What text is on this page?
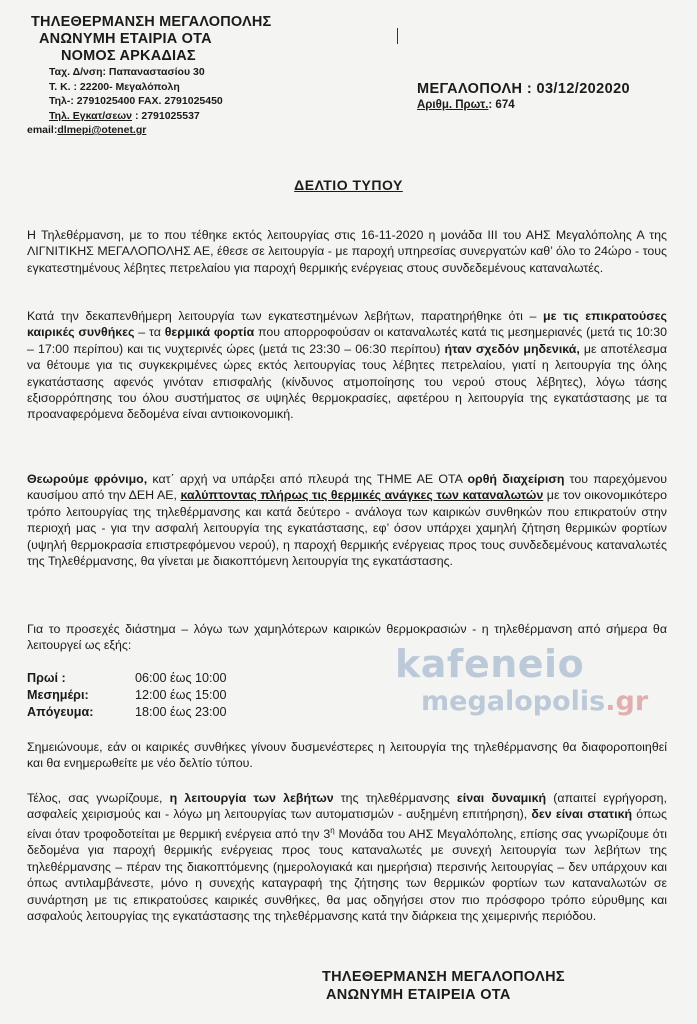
ΤΗΛΕΘΕΡΜΑΝΣΗ ΜΕΓΑΛΟΠΟΛΗΣ

ΑΝΩΝΥΜΗ ΕΤΑΙΡΙΑ ΟΤΑ

ΝΟΜΟΣ ΑΡΚΑΔΙΑΣ

Ταχ. Δ/νση: Παπαναστασίου 30
Τ. Κ. : 22200- Μεγαλόπολη
Τηλ-: 2791025400 FAX. 2791025450
Τηλ. Εγκατ/σεων : 2791025537
email:dlmepi@otenet.gr
ΜΕΓΑΛΟΠΟΛΗ : 03/12/202020
Αριθμ. Πρωτ.: 674
ΔΕΛΤΙΟ ΤΥΠΟΥ

Η Τηλεθέρμανση, με το που τέθηκε εκτός λειτουργίας στις 16-11-2020 η μονάδα ΙΙΙ του ΑΗΣ Μεγαλόπολης Α της ΛΙΓΝΙΤΙΚΗΣ ΜΕΓΑΛΟΠΟΛΗΣ ΑΕ, έθεσε σε λειτουργία - με παροχή υπηρεσίας συνεργατών καθ’ όλο το 24ώρο - τους εγκατεστημένους λέβητες πετρελαίου για παροχή θερμικής ενέργειας στους συνδεδεμένους καταναλωτές.

Κατά την δεκαπενθήμερη λειτουργία των εγκατεστημένων λεβήτων, παρατηρήθηκε ότι – με τις επικρατούσες καιρικές συνθήκες – τα θερμικά φορτία που απορροφούσαν οι καταναλωτές κατά τις μεσημεριανές (μετά τις 10:30 – 17:00 περίπου) και τις νυχτερινές ώρες (μετά τις 23:30 – 06:30 περίπου) ήταν σχεδόν μηδενικά, με αποτέλεσμα να θέτουμε για τις συγκεκριμένες ώρες εκτός λειτουργίας τους λέβητες πετρελαίου, γιατί η λειτουργία της όλης εγκατάστασης αφενός γινόταν επισφαλής (κίνδυνος ατμοποίησης του νερού στους λέβητες), λόγω τάσης εξισορρόπησης του όλου συστήματος σε υψηλές θερμοκρασίες, αφετέρου η λειτουργία της εγκατάστασης με τα προαναφερόμενα δεδομένα είναι αντιοικονομική.

Θεωρούμε φρόνιμο, κατ΄ αρχή να υπάρξει από πλευρά της ΤΗΜΕ ΑΕ ΟΤΑ ορθή διαχείριση του παρεχόμενου καυσίμου από την ΔΕΗ ΑΕ, καλύπτοντας πλήρως τις θερμικές ανάγκες των καταναλωτών με τον οικονομικότερο τρόπο λειτουργίας της τηλεθέρμανσης και κατά δεύτερο - ανάλογα των καιρικών συνθηκών που επικρατούν στην περιοχή μας - για την ασφαλή λειτουργία της εγκατάστασης, εφ’ όσον υπάρχει χαμηλή ζήτηση θερμικών φορτίων (υψηλή θερμοκρασία επιστρεφόμενου νερού), η παροχή θερμικής ενέργειας προς τους συνδεδεμένους καταναλωτές της Τηλεθέρμανσης, θα γίνεται με διακοπτόμενη λειτουργία της εγκατάστασης.

Για το προσεχές διάστημα – λόγω των χαμηλότερων καιρικών θερμοκρασιών - η τηλεθέρμανση από σήμερα θα λειτουργεί ως εξής:

Πρωί :	06:00 έως 10:00
Μεσημέρι:	12:00 έως 15:00
Απόγευμα:	18:00 έως 23:00
kafeneio
megalopolis.gr

Σημειώνουμε, εάν οι καιρικές συνθήκες γίνουν δυσμενέστερες η λειτουργία της τηλεθέρμανσης θα διαφοροποιηθεί και θα ενημερωθείτε με νέο δελτίο τύπου.

Τέλος, σας γνωρίζουμε, η λειτουργία των λεβήτων της τηλεθέρμανσης είναι δυναμική (απαιτεί εγρήγορση, ασφαλείς χειρισμούς και - λόγω μη λειτουργίας των αυτοματισμών - αυξημένη επιτήρηση), δεν είναι στατική όπως είναι όταν τροφοδοτείται με θερμική ενέργεια από την $3^\eta$ Μονάδα του ΑΗΣ Μεγαλόπολης, επίσης σας γνωρίζουμε ότι δεδομένα για παροχή θερμικής ενέργειας προς τους καταναλωτές με συνεχή λειτουργία των λεβήτων της τηλεθέρμανσης – πέραν της διακοπτόμενης (ημερολογιακά και ημερήσια) περσινής λειτουργίας – δεν υπάρχουν και όπως αντιλαμβάνεστε, μόνο η συνεχής καταγραφή της ζήτησης των θερμικών φορτίων των καταναλωτών σε συνάρτηση με τις επικρατούσες καιρικές συνθήκες, θα μας οδηγήσει στον πιο πρόσφορο τρόπο εύρυθμης και ασφαλούς λειτουργίας της εγκατάστασης της τηλεθέρμανσης κατά την διάρκεια της χειμερινής περιόδου.

ΤΗΛΕΘΕΡΜΑΝΣΗ ΜΕΓΑΛΟΠΟΛΗΣ
ΑΝΩΝΥΜΗ ΕΤΑΙΡΕΙΑ ΟΤΑ
